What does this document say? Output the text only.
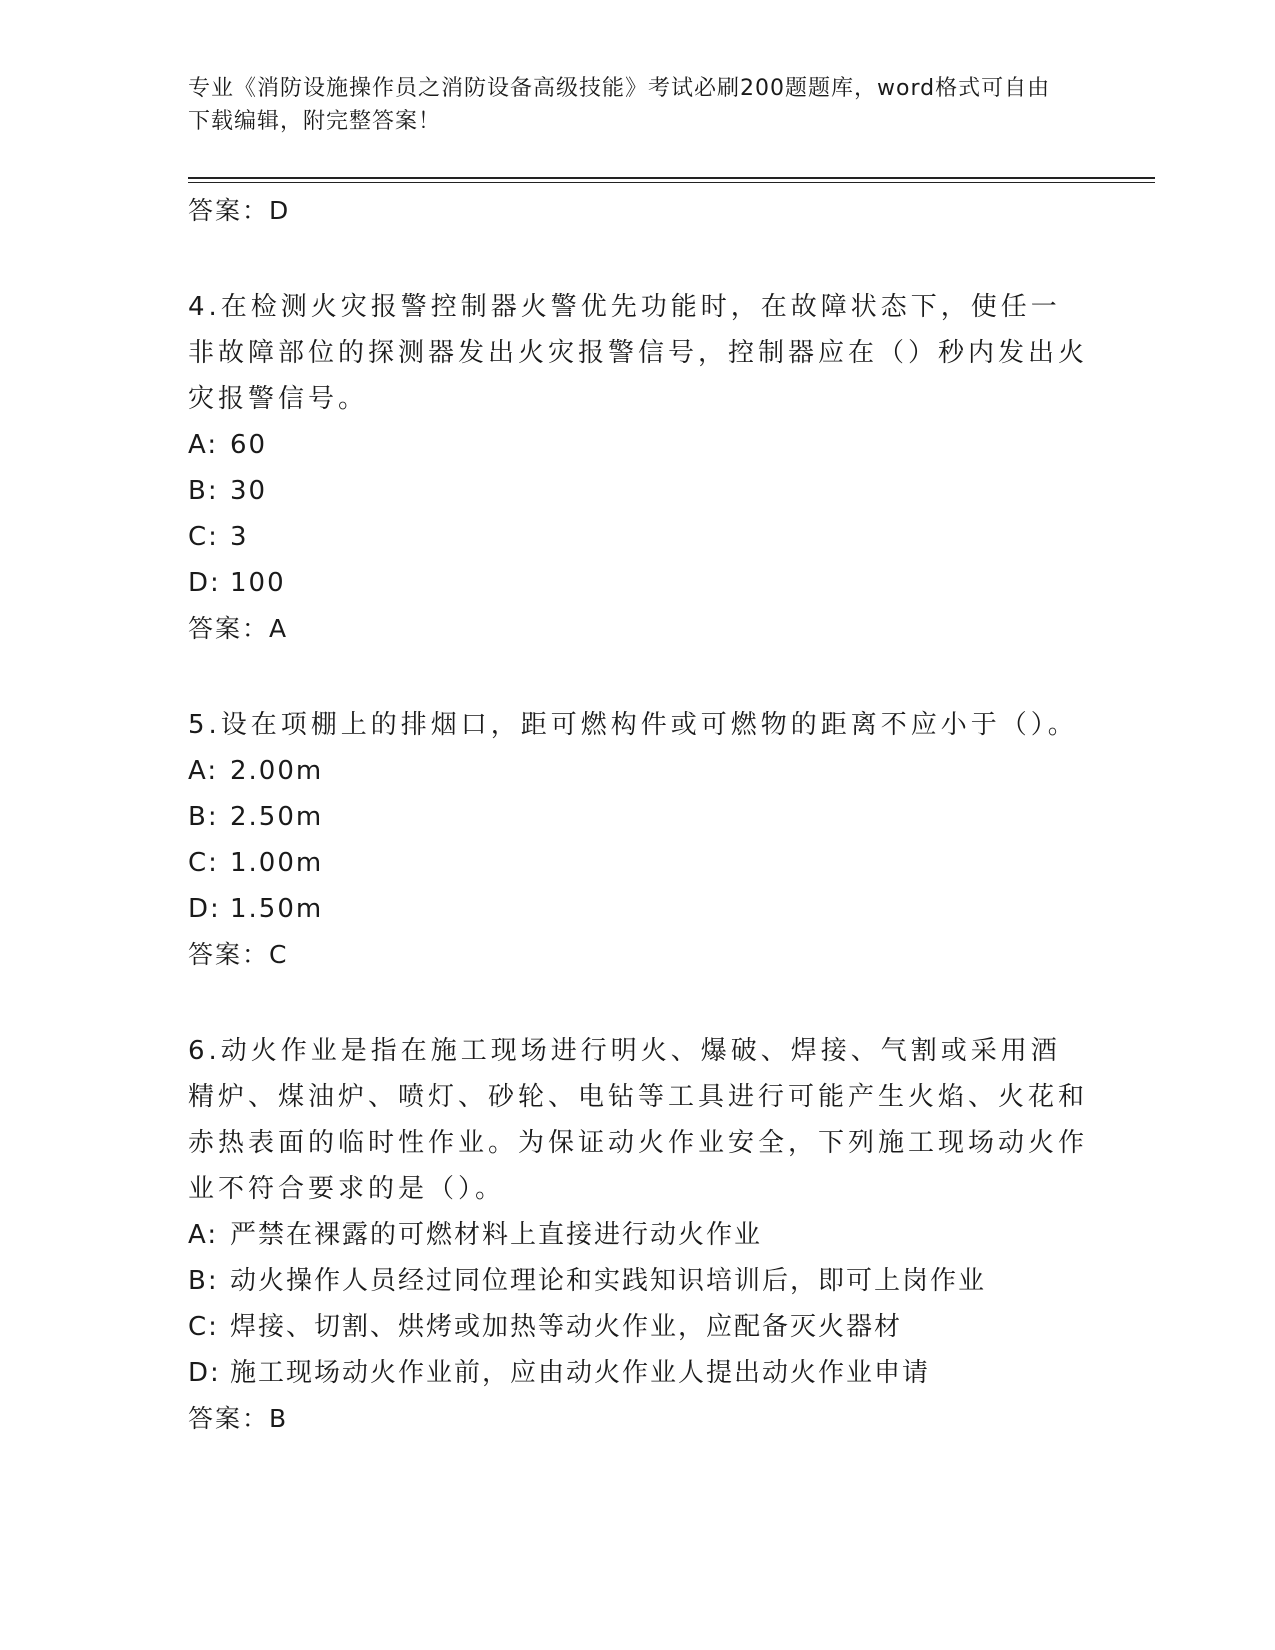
专业《消防设施操作员之消防设备高级技能》考试必刷200题题库，word格式可自由下载编辑，附完整答案！
答案：D
4.在检测火灾报警控制器火警优先功能时，在故障状态下，使任一非故障部位的探测器发出火灾报警信号，控制器应在（）秒内发出火灾报警信号。
A: 60
B: 30
C: 3
D: 100
答案：A
5.设在项棚上的排烟口，距可燃构件或可燃物的距离不应小于（）。
A: 2.00m
B: 2.50m
C: 1.00m
D: 1.50m
答案：C
6.动火作业是指在施工现场进行明火、爆破、焊接、气割或采用酒精炉、煤油炉、喷灯、砂轮、电钻等工具进行可能产生火焰、火花和赤热表面的临时性作业。为保证动火作业安全，下列施工现场动火作业不符合要求的是（）。
A: 严禁在裸露的可燃材料上直接进行动火作业
B: 动火操作人员经过同位理论和实践知识培训后，即可上岗作业
C: 焊接、切割、烘烤或加热等动火作业，应配备灭火器材
D: 施工现场动火作业前，应由动火作业人提出动火作业申请
答案：B
